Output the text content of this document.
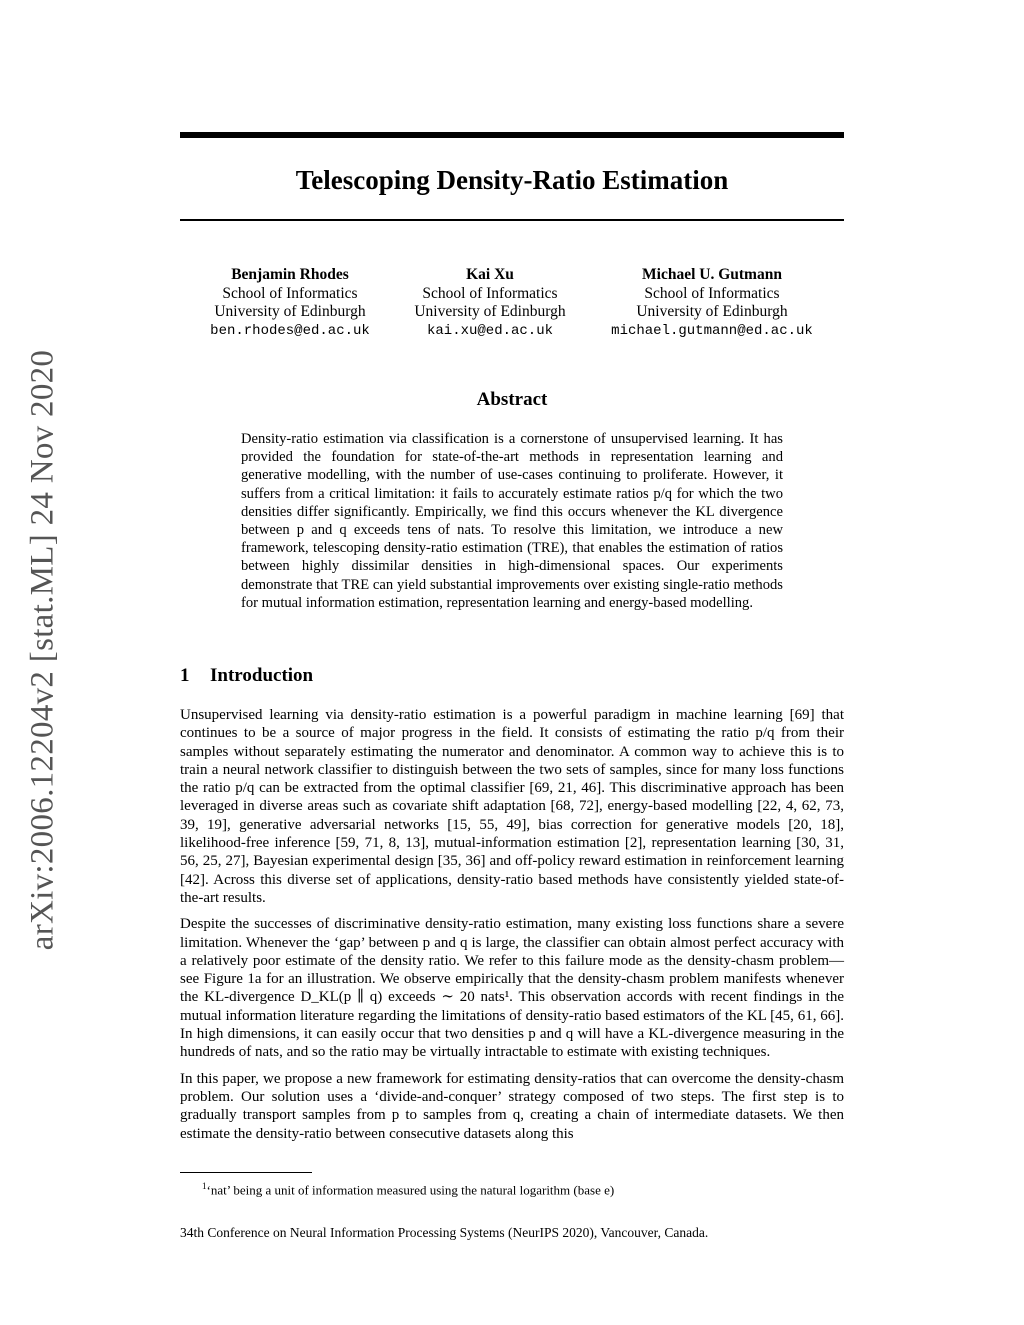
arXiv:2006.12204v2 [stat.ML] 24 Nov 2020
Telescoping Density-Ratio Estimation
Benjamin Rhodes
School of Informatics
University of Edinburgh
ben.rhodes@ed.ac.uk
Kai Xu
School of Informatics
University of Edinburgh
kai.xu@ed.ac.uk
Michael U. Gutmann
School of Informatics
University of Edinburgh
michael.gutmann@ed.ac.uk
Abstract

Density-ratio estimation via classification is a cornerstone of unsupervised learning. It has provided the foundation for state-of-the-art methods in representation learning and generative modelling, with the number of use-cases continuing to proliferate. However, it suffers from a critical limitation: it fails to accurately estimate ratios p/q for which the two densities differ significantly. Empirically, we find this occurs whenever the KL divergence between p and q exceeds tens of nats. To resolve this limitation, we introduce a new framework, telescoping density-ratio estimation (TRE), that enables the estimation of ratios between highly dissimilar densities in high-dimensional spaces. Our experiments demonstrate that TRE can yield substantial improvements over existing single-ratio methods for mutual information estimation, representation learning and energy-based modelling.

1 Introduction

Unsupervised learning via density-ratio estimation is a powerful paradigm in machine learning [69] that continues to be a source of major progress in the field. It consists of estimating the ratio p/q from their samples without separately estimating the numerator and denominator. A common way to achieve this is to train a neural network classifier to distinguish between the two sets of samples, since for many loss functions the ratio p/q can be extracted from the optimal classifier [69, 21, 46]. This discriminative approach has been leveraged in diverse areas such as covariate shift adaptation [68, 72], energy-based modelling [22, 4, 62, 73, 39, 19], generative adversarial networks [15, 55, 49], bias correction for generative models [20, 18], likelihood-free inference [59, 71, 8, 13], mutual-information estimation [2], representation learning [30, 31, 56, 25, 27], Bayesian experimental design [35, 36] and off-policy reward estimation in reinforcement learning [42]. Across this diverse set of applications, density-ratio based methods have consistently yielded state-of-the-art results.

Despite the successes of discriminative density-ratio estimation, many existing loss functions share a severe limitation. Whenever the ‘gap’ between p and q is large, the classifier can obtain almost perfect accuracy with a relatively poor estimate of the density ratio. We refer to this failure mode as the density-chasm problem—see Figure 1a for an illustration. We observe empirically that the density-chasm problem manifests whenever the KL-divergence D_KL(p ∥ q) exceeds ∼ 20 nats¹. This observation accords with recent findings in the mutual information literature regarding the limitations of density-ratio based estimators of the KL [45, 61, 66]. In high dimensions, it can easily occur that two densities p and q will have a KL-divergence measuring in the hundreds of nats, and so the ratio may be virtually intractable to estimate with existing techniques.

In this paper, we propose a new framework for estimating density-ratios that can overcome the density-chasm problem. Our solution uses a ‘divide-and-conquer’ strategy composed of two steps. The first step is to gradually transport samples from p to samples from q, creating a chain of intermediate datasets. We then estimate the density-ratio between consecutive datasets along this

$^1$‘nat’ being a unit of information measured using the natural logarithm (base e)
34th Conference on Neural Information Processing Systems (NeurIPS 2020), Vancouver, Canada.
